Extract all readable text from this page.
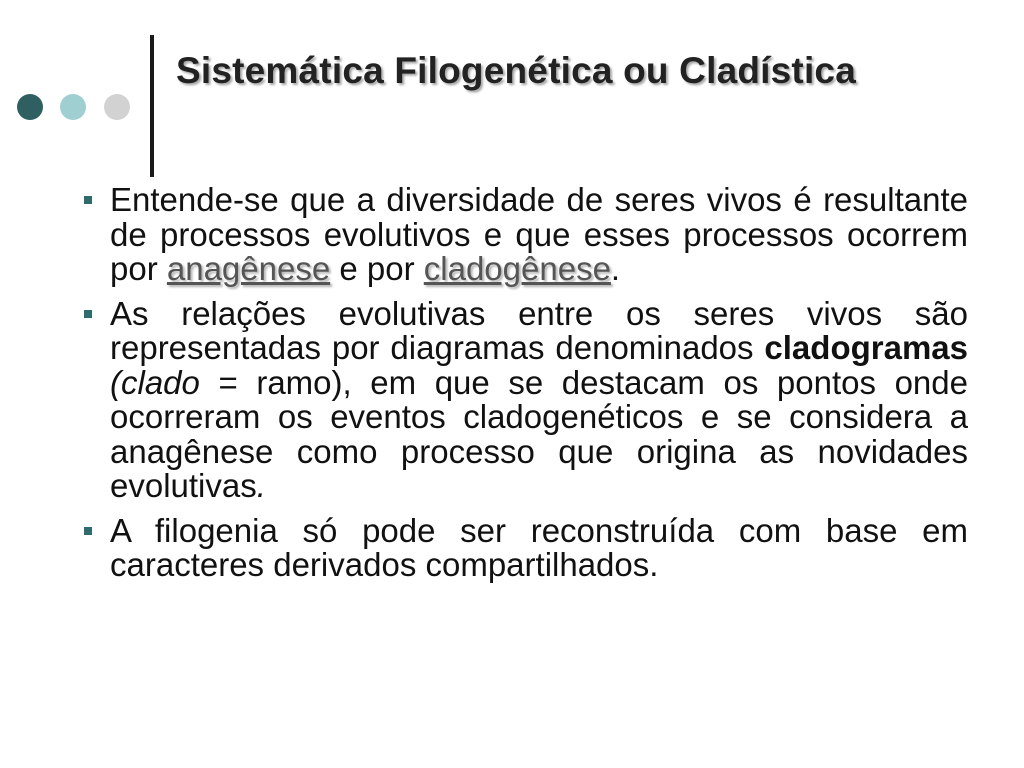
Sistemática Filogenética ou Cladística
Entende-se que a diversidade de seres vivos é resultante de processos evolutivos e que esses processos ocorrem por anagênese e por cladogênese.
As relações evolutivas entre os seres vivos são representadas por diagramas denominados cladogramas (clado = ramo), em que se destacam os pontos onde ocorreram os eventos cladogenéticos e se considera a anagênese como processo que origina as novidades evolutivas.
A filogenia só pode ser reconstruída com base em caracteres derivados compartilhados.
